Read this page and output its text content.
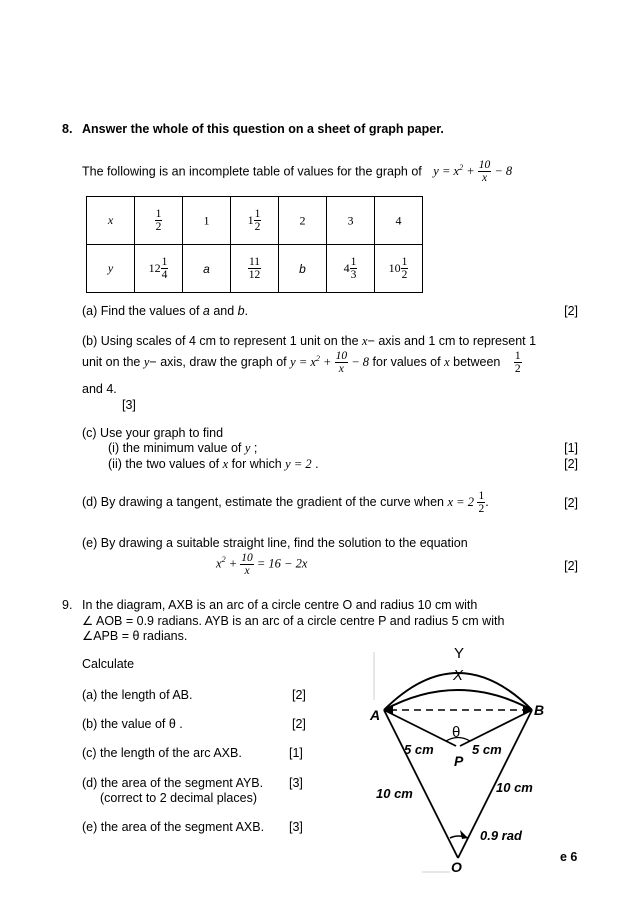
8. Answer the whole of this question on a sheet of graph paper.
The following is an incomplete table of values for the graph of $y = x^2 + \frac{10}{x} - 8$
x	$\frac{1}{2}$	1	$1 \frac{1}{2}$	2	3	4
y	$12 \frac{1}{4}$	a	$\frac{11}{12}$	b	$4 \frac{1}{3}$	$10 \frac{1}{2}$
(a) Find the values of a and b.	[2]
(b) Using scales of 4 cm to represent 1 unit on the x− axis and 1 cm to represent 1
unit on the y− axis, draw the graph of $y = x^2 + \frac{10}{x} - 8$ for values of x between $\frac{1}{2}$
and 4.
[3]
(c) Use your graph to find
(i) the minimum value of y ;	[1]
(ii) the two values of x for which y = 2 .	[2]
(d) By drawing a tangent, estimate the gradient of the curve when $x = 2 \frac{1}{2}$ .	[2]
(e) By drawing a suitable straight line, find the solution to the equation
$x^2 + \frac{10}{x} = 16 - 2x$	[2]
9. In the diagram, AXB is an arc of a circle centre O and radius 10 cm with
∠ AOB = 0.9 radians. AYB is an arc of a circle centre P and radius 5 cm with
∠APB = θ radians.
Calculate
(a) the length of AB.	[2]
(b) the value of θ .	[2]
(c) the length of the arc AXB.	[1]
(d) the area of the segment AYB.
(correct to 2 decimal places)
[3]
(e) the area of the segment AXB. [3]
Y
X
A	B
θ
P
5 cm	5 cm
10 cm	10 cm
0.9 rad
O
e 6
